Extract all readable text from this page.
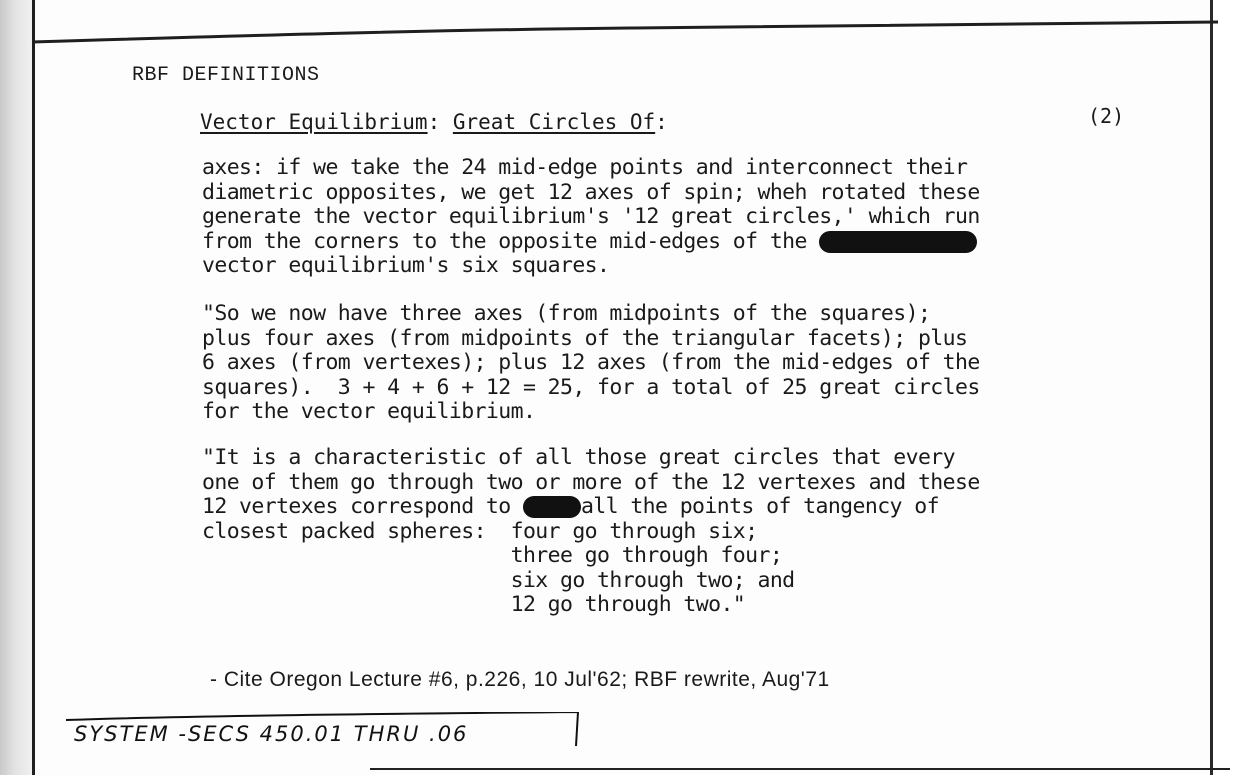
RBF DEFINITIONS
Vector Equilibrium: Great Circles Of:	(2)
axes: if we take the 24 mid-edge points and interconnect their
diametric opposites, we get 12 axes of spin; wheh rotated these
generate the vector equilibrium's '12 great circles,' which run
from the corners to the opposite mid-edges of the
vector equilibrium's six squares.
"So we now have three axes (from midpoints of the squares);
plus four axes (from midpoints of the triangular facets); plus
6 axes (from vertexes); plus 12 axes (from the mid-edges of the
squares).  3 + 4 + 6 + 12 = 25, for a total of 25 great circles
for the vector equilibrium.
"It is a characteristic of all those great circles that every
one of them go through two or more of the 12 vertexes and these
12 vertexes correspond to	all the points of tangency of
closest packed spheres:  four go through six;
three go through four;
six go through two; and
12 go through two."
- Cite Oregon Lecture #6, p.226, 10 Jul'62; RBF rewrite, Aug'71
SYSTEM -SECS 450.01 THRU .06
